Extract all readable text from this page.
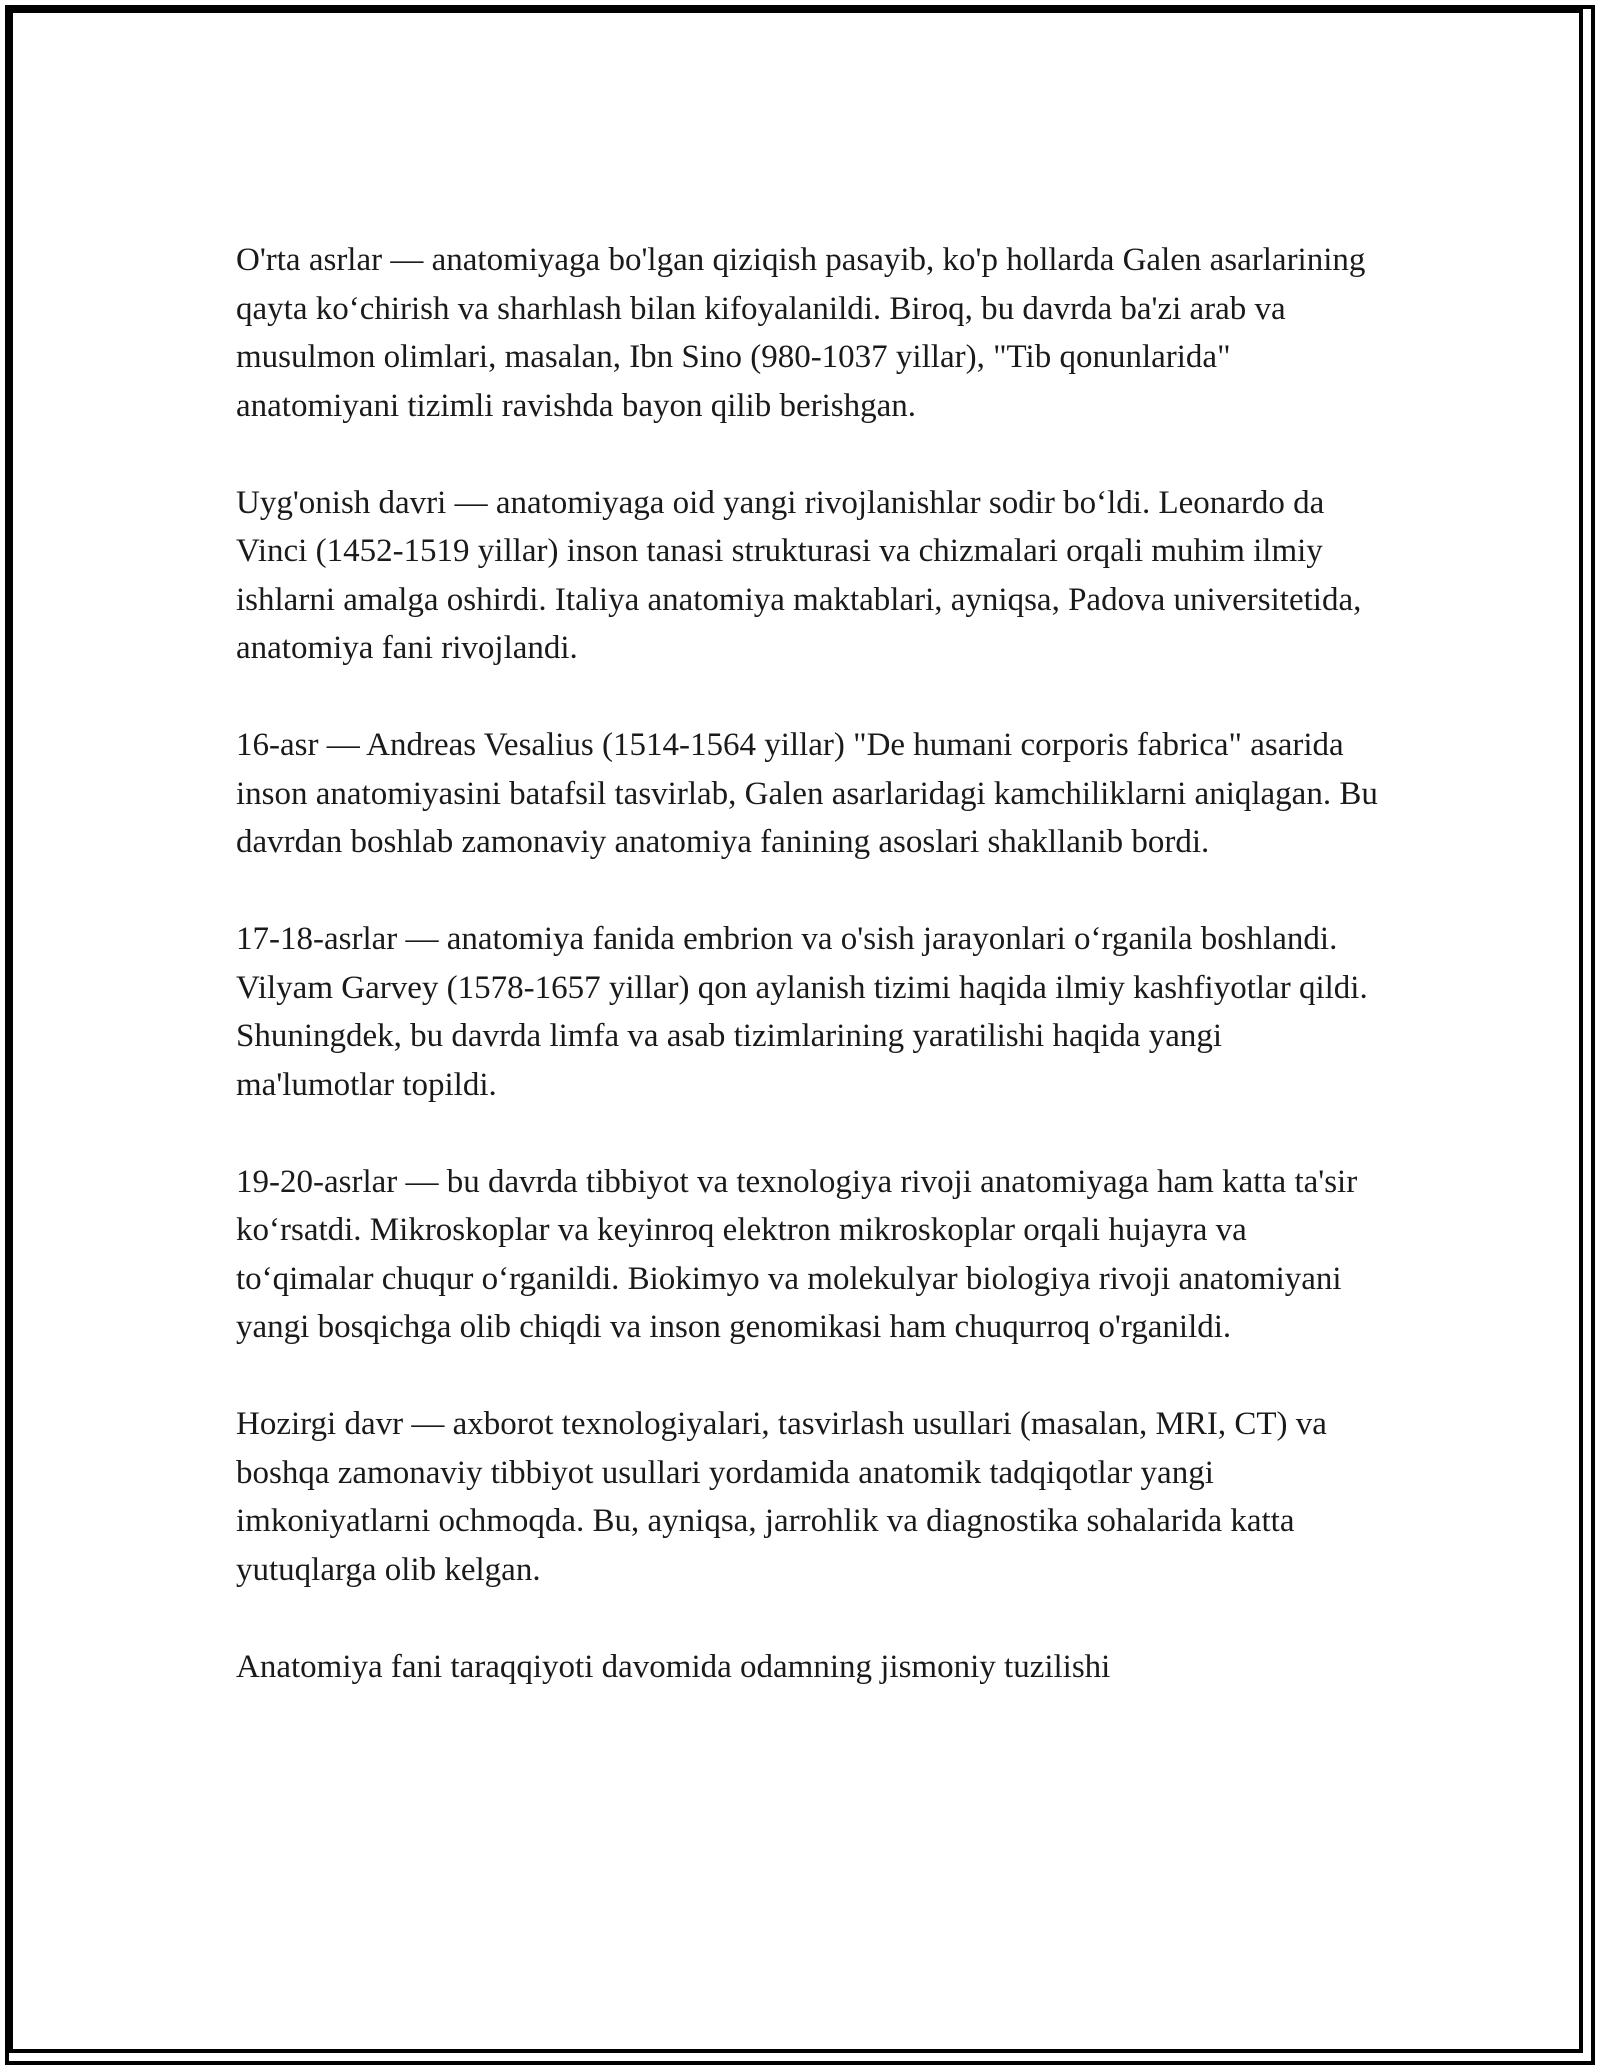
O'rta asrlar — anatomiyaga bo'lgan qiziqish pasayib, ko'p hollarda Galen asarlarining qayta ko‘chirish va sharhlash bilan kifoyalanildi. Biroq, bu davrda ba'zi arab va musulmon olimlari, masalan, Ibn Sino (980-1037 yillar), "Tib qonunlarida" anatomiyani tizimli ravishda bayon qilib berishgan.

Uyg'onish davri — anatomiyaga oid yangi rivojlanishlar sodir bo‘ldi. Leonardo da Vinci (1452-1519 yillar) inson tanasi strukturasi va chizmalari orqali muhim ilmiy ishlarni amalga oshirdi. Italiya anatomiya maktablari, ayniqsa, Padova universitetida, anatomiya fani rivojlandi.

16-asr — Andreas Vesalius (1514-1564 yillar) "De humani corporis fabrica" asarida inson anatomiyasini batafsil tasvirlab, Galen asarlaridagi kamchiliklarni aniqlagan. Bu davrdan boshlab zamonaviy anatomiya fanining asoslari shakllanib bordi.

17-18-asrlar — anatomiya fanida embrion va o'sish jarayonlari o‘rganila boshlandi. Vilyam Garvey (1578-1657 yillar) qon aylanish tizimi haqida ilmiy kashfiyotlar qildi. Shuningdek, bu davrda limfa va asab tizimlarining yaratilishi haqida yangi ma'lumotlar topildi.

19-20-asrlar — bu davrda tibbiyot va texnologiya rivoji anatomiyaga ham katta ta'sir ko‘rsatdi. Mikroskoplar va keyinroq elektron mikroskoplar orqali hujayra va to‘qimalar chuqur o‘rganildi. Biokimyo va molekulyar biologiya rivoji anatomiyani yangi bosqichga olib chiqdi va inson genomikasi ham chuqurroq o'rganildi.

Hozirgi davr — axborot texnologiyalari, tasvirlash usullari (masalan, MRI, CT) va boshqa zamonaviy tibbiyot usullari yordamida anatomik tadqiqotlar yangi imkoniyatlarni ochmoqda. Bu, ayniqsa, jarrohlik va diagnostika sohalarida katta yutuqlarga olib kelgan.

Anatomiya fani taraqqiyoti davomida odamning jismoniy tuzilishi
